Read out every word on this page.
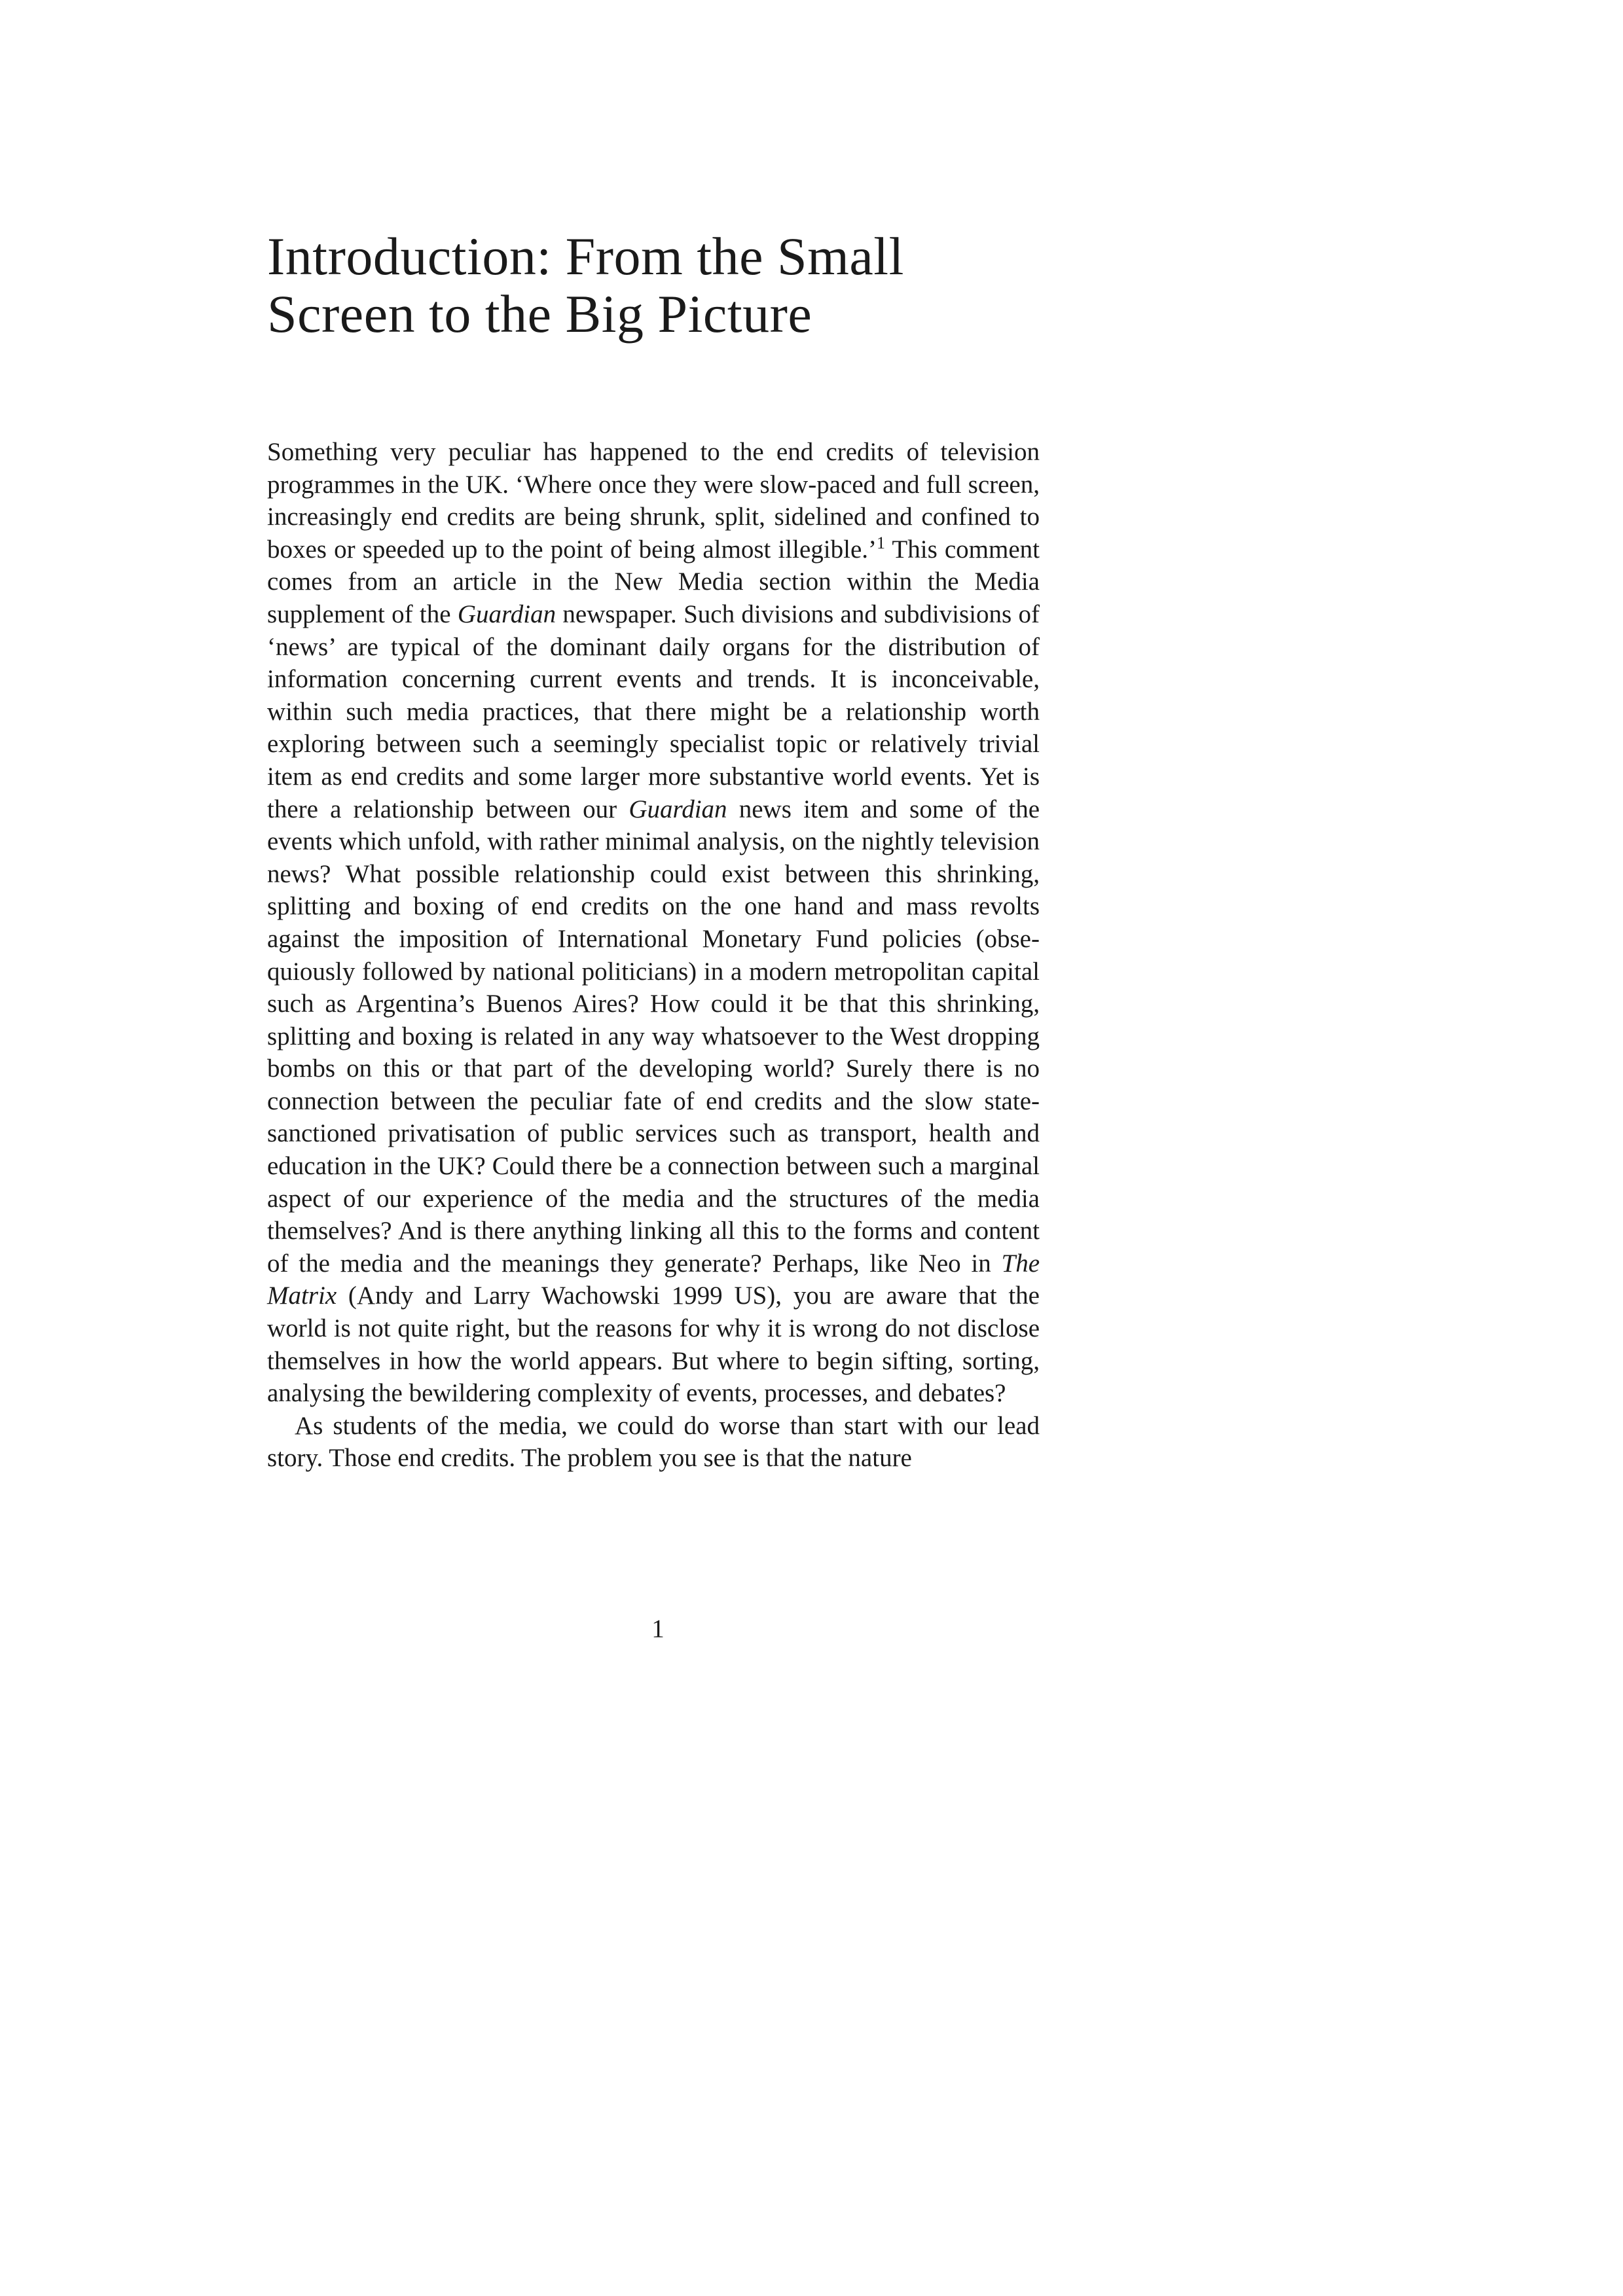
Introduction: From the Small
Screen to the Big Picture

Something very peculiar has happened to the end credits of television programmes in the UK. ‘Where once they were slow-paced and full screen, increasingly end credits are being shrunk, split, sidelined and confined to boxes or speeded up to the point of being almost illegible.’$^1$ This comment comes from an article in the New Media section within the Media supplement of the Guardian newspaper. Such divisions and subdivisions of ‘news’ are typical of the dominant daily organs for the distribution of information concerning current events and trends. It is inconceivable, within such media practices, that there might be a relationship worth exploring between such a seemingly specialist topic or relatively trivial item as end credits and some larger more substantive world events. Yet is there a relationship between our Guardian news item and some of the events which unfold, with rather minimal analysis, on the nightly television news? What possible relationship could exist between this shrinking, splitting and boxing of end credits on the one hand and mass revolts against the imposition of International Monetary Fund policies (obsequiously followed by national politicians) in a modern metropolitan capital such as Argentina’s Buenos Aires? How could it be that this shrinking, splitting and boxing is related in any way whatsoever to the West dropping bombs on this or that part of the developing world? Surely there is no connection between the peculiar fate of end credits and the slow state-sanctioned privatisation of public services such as transport, health and education in the UK? Could there be a connection between such a marginal aspect of our experience of the media and the structures of the media themselves? And is there anything linking all this to the forms and content of the media and the meanings they generate? Perhaps, like Neo in The Matrix (Andy and Larry Wachowski 1999 US), you are aware that the world is not quite right, but the reasons for why it is wrong do not disclose themselves in how the world appears. But where to begin sifting, sorting, analysing the bewildering complexity of events, processes, and debates?

As students of the media, we could do worse than start with our lead story. Those end credits. The problem you see is that the nature

1
